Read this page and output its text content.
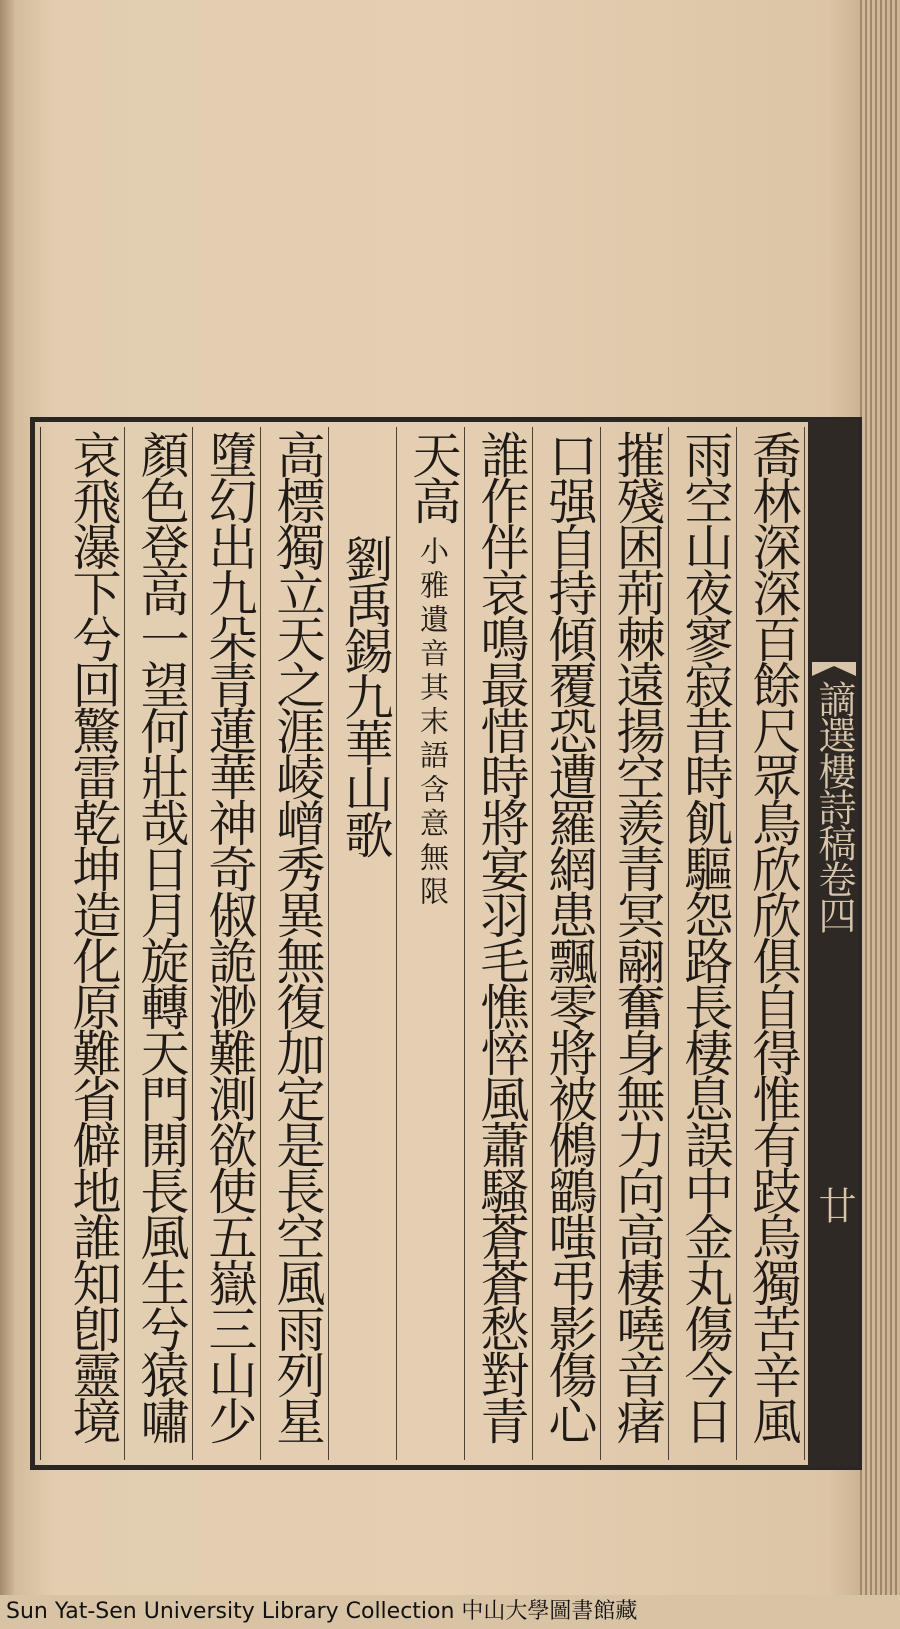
謫選樓詩稿卷四
廿
喬林深深百餘尺眾鳥欣欣俱自得惟有跂烏獨苦辛風
雨空山夜寥寂昔時飢驅怨路長棲息誤中金丸傷今日
摧殘困荊棘遠揚空羨青冥翮奮身無力向高棲嘵音瘏
口强自持傾覆恐遭羅網患飄零將被鵂鶹嗤弔影傷心
誰作伴哀鳴最惜時將宴羽毛憔悴風蕭騷蒼蒼愁對青
天高小雅遺音其末語含意無限
劉禹錫九華山歌
高標獨立天之涯崚嶒秀異無復加定是長空風雨列星
墮幻出九朵青蓮華神奇俶詭渺難測欲使五嶽三山少
顏色登高一望何壯哉日月旋轉天門開長風生兮猿嘯
哀飛瀑下兮回驚雷乾坤造化原難省僻地誰知卽靈境
Sun Yat-Sen University Library Collection 中山大學圖書館藏
